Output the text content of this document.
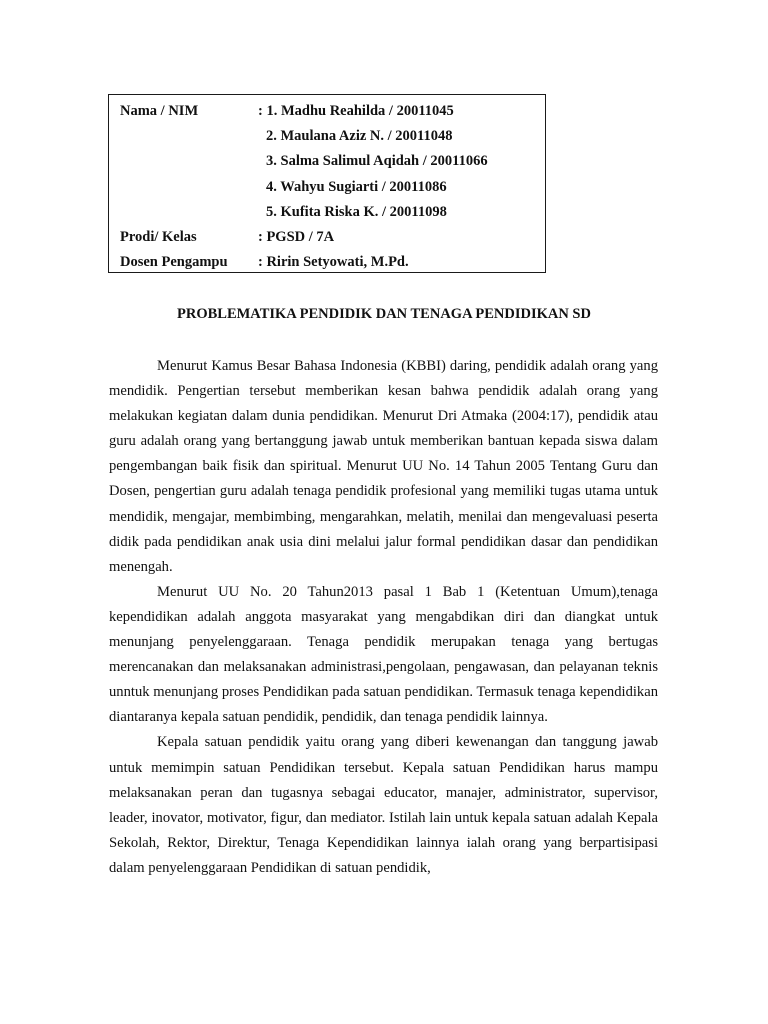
Nama / NIM	: 1. Madhu Reahilda / 20011045
2. Maulana Aziz N. / 20011048
3. Salma Salimul Aqidah / 20011066
4. Wahyu Sugiarti / 20011086
5. Kufita Riska K. / 20011098
Prodi/ Kelas	: PGSD / 7A
Dosen Pengampu	: Ririn Setyowati, M.Pd.
PROBLEMATIKA PENDIDIK DAN TENAGA PENDIDIKAN SD

Menurut Kamus Besar Bahasa Indonesia (KBBI) daring, pendidik adalah orang yang mendidik. Pengertian tersebut memberikan kesan bahwa pendidik adalah orang yang melakukan kegiatan dalam dunia pendidikan. Menurut Dri Atmaka (2004:17), pendidik atau guru adalah orang yang bertanggung jawab untuk memberikan bantuan kepada siswa dalam pengembangan baik fisik dan spiritual. Menurut UU No. 14 Tahun 2005 Tentang Guru dan Dosen, pengertian guru adalah tenaga pendidik profesional yang memiliki tugas utama untuk mendidik, mengajar, membimbing, mengarahkan, melatih, menilai dan mengevaluasi peserta didik pada pendidikan anak usia dini melalui jalur formal pendidikan dasar dan pendidikan menengah.

Menurut UU No. 20 Tahun2013 pasal 1 Bab 1 (Ketentuan Umum),tenaga kependidikan adalah anggota masyarakat yang mengabdikan diri dan diangkat untuk menunjang penyelenggaraan. Tenaga pendidik merupakan tenaga yang bertugas merencanakan dan melaksanakan administrasi,pengolaan, pengawasan, dan pelayanan teknis unntuk menunjang proses Pendidikan pada satuan pendidikan. Termasuk tenaga kependidikan diantaranya kepala satuan pendidik, pendidik, dan tenaga pendidik lainnya.

Kepala satuan pendidik yaitu orang yang diberi kewenangan dan tanggung jawab untuk memimpin satuan Pendidikan tersebut. Kepala satuan Pendidikan harus mampu melaksanakan peran dan tugasnya sebagai educator, manajer, administrator, supervisor, leader, inovator, motivator, figur, dan mediator. Istilah lain untuk kepala satuan adalah Kepala Sekolah, Rektor, Direktur, Tenaga Kependidikan lainnya ialah orang yang berpartisipasi dalam penyelenggaraan Pendidikan di satuan pendidik,
